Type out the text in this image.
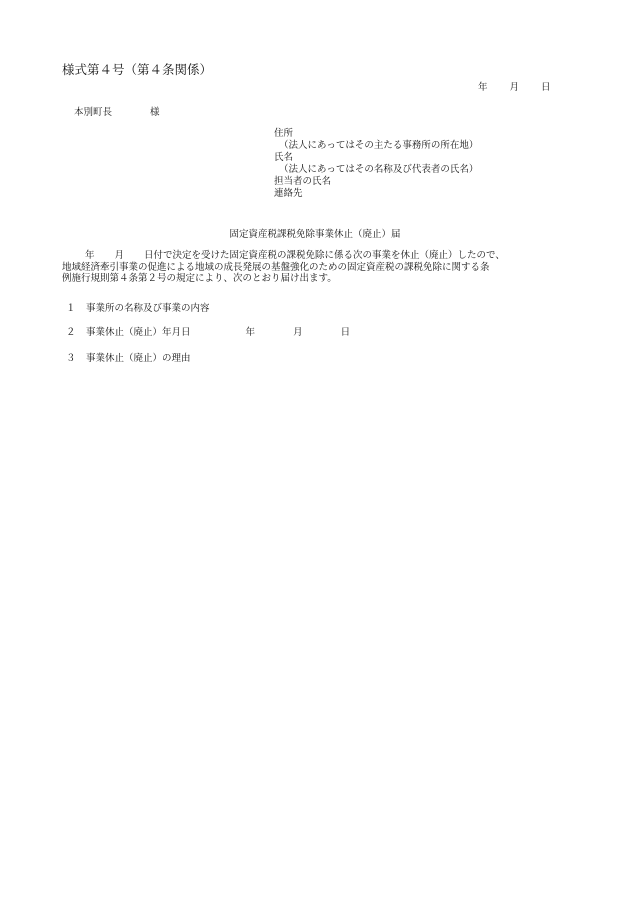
様式第４号（第４条関係）
年 月 日
本別町長	様
住所
（法人にあってはその主たる事務所の所在地）
氏名
（法人にあってはその名称及び代表者の氏名）
担当者の氏名
連絡先
固定資産税課税免除事業休止（廃止）届
年 月 日付で決定を受けた固定資産税の課税免除に係る次の事業を休止（廃止）したので、
地域経済牽引事業の促進による地域の成長発展の基盤強化のための固定資産税の課税免除に関する条
例施行規則第４条第２号の規定により、次のとおり届け出ます。
１ 事業所の名称及び事業の内容
２ 事業休止（廃止）年月日	年	月	日
３ 事業休止（廃止）の理由
